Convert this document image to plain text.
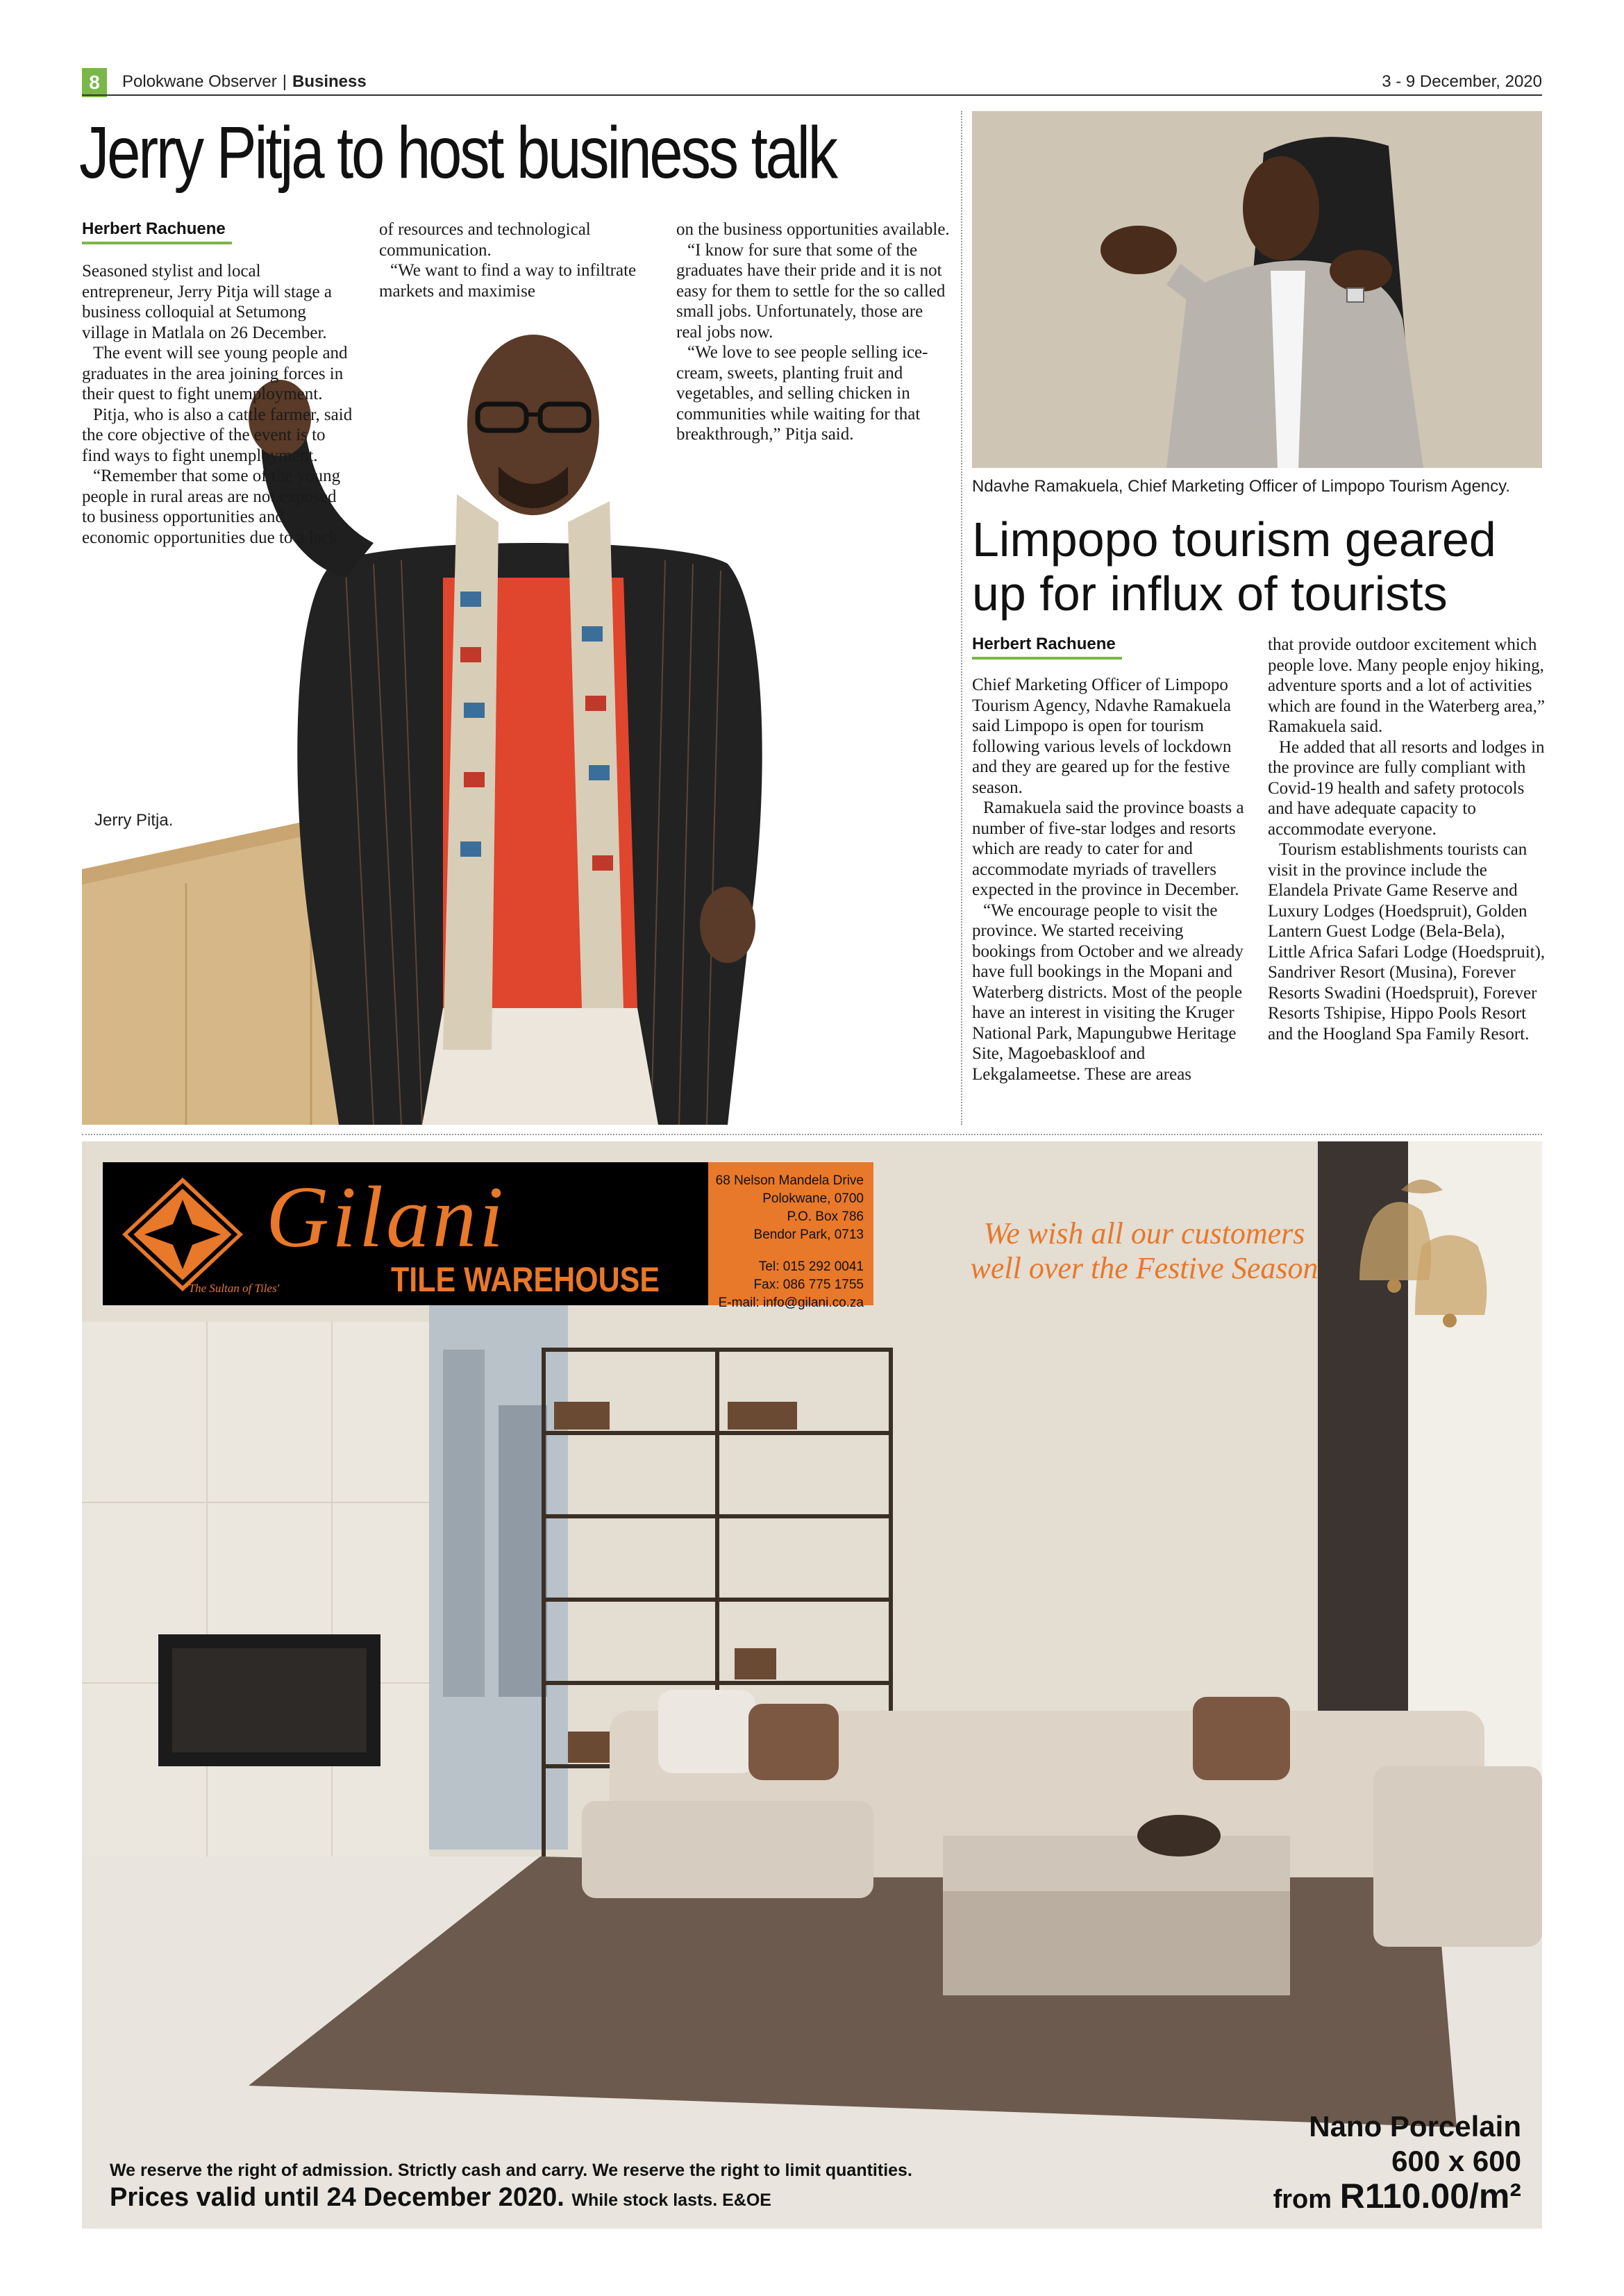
8	Polokwane Observer | Business	3 - 9 December, 2020
Jerry Pitja to host business talk
Herbert Rachuene

Seasoned stylist and local entrepreneur, Jerry Pitja will stage a business colloquial at Setumong village in Matlala on 26 December.

The event will see young people and graduates in the area joining forces in their quest to fight unemployment.

Pitja, who is also a cattle farmer, said the core objective of the event is to find ways to fight unemployment.

“Remember that some of the young people in rural areas are not exposed to business opportunities and economic opportunities due to a lack

of resources and technological communication.

“We want to find a way to infiltrate markets and maximise

on the business opportunities available.

“I know for sure that some of the graduates have their pride and it is not easy for them to settle for the so called small jobs. Unfortunately, those are real jobs now.

“We love to see people selling ice-cream, sweets, planting fruit and vegetables, and selling chicken in communities while waiting for that breakthrough,” Pitja said.

Jerry Pitja.
Ndavhe Ramakuela, Chief Marketing Officer of Limpopo Tourism Agency.
Limpopo tourism geared up for influx of tourists
Herbert Rachuene

Chief Marketing Officer of Limpopo Tourism Agency, Ndavhe Ramakuela said Limpopo is open for tourism following various levels of lockdown and they are geared up for the festive season.

Ramakuela said the province boasts a number of five-star lodges and resorts which are ready to cater for and accommodate myriads of travellers expected in the province in December.

“We encourage people to visit the province. We started receiving bookings from October and we already have full bookings in the Mopani and Waterberg districts. Most of the people have an interest in visiting the Kruger National Park, Mapungubwe Heritage Site, Magoebaskloof and Lekgalameetse. These are areas

that provide outdoor excitement which people love. Many people enjoy hiking, adventure sports and a lot of activities which are found in the Waterberg area,” Ramakuela said.

He added that all resorts and lodges in the province are fully compliant with Covid-19 health and safety protocols and have adequate capacity to accommodate everyone.

Tourism establishments tourists can visit in the province include the Elandela Private Game Reserve and Luxury Lodges (Hoedspruit), Golden Lantern Guest Lodge (Bela-Bela), Little Africa Safari Lodge (Hoedspruit), Sandriver Resort (Musina), Forever Resorts Swadini (Hoedspruit), Forever Resorts Tshipise, Hippo Pools Resort and the Hoogland Spa Family Resort.

Gilani
TILE WAREHOUSE
'The Sultan of Tiles'
68 Nelson Mandela Drive
Polokwane, 0700
P.O. Box 786
Bendor Park, 0713
Tel: 015 292 0041
Fax: 086 775 1755
E-mail: info@gilani.co.za
We wish all our customers
well over the Festive Season
We reserve the right of admission. Strictly cash and carry. We reserve the right to limit quantities.
Prices valid until 24 December 2020. While stock lasts. E&OE
Nano Porcelain
600 x 600
from R110.00/m²
